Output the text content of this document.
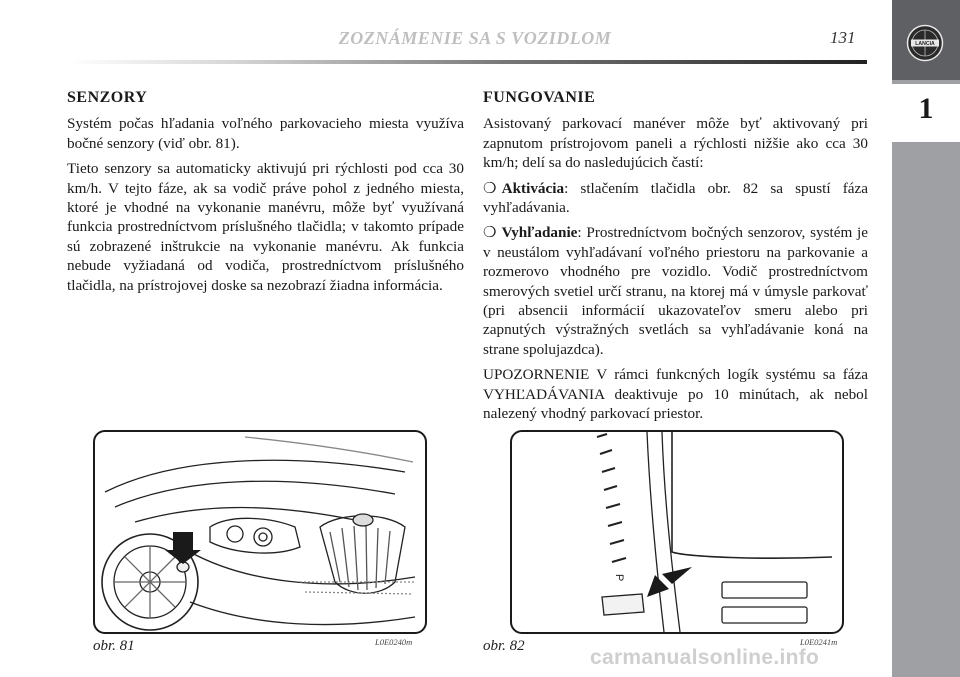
ZOZNÁMENIE SA S VOZIDLOM	131	LANCIA
1
SENZORY

Systém počas hľadania voľného parkovacieho miesta využíva bočné senzory (viď obr. 81).

Tieto senzory sa automaticky aktivujú pri rýchlosti pod cca 30 km/h. V tejto fáze, ak sa vodič práve pohol z jedného miesta, ktoré je vhodné na vykonanie manévru, môže byť využívaná funkcia prostredníctvom príslušného tlačidla; v takomto prípade sú zobrazené inštrukcie na vykonanie manévru. Ak funkcia nebude vyžiadaná od vodiča, prostredníctvom príslušného tlačidla, na prístrojovej doske sa nezobrazí žiadna informácia.

FUNGOVANIE

Asistovaný parkovací manéver môže byť aktivovaný pri zapnutom prístrojovom paneli a rýchlosti nižšie ako cca 30 km/h; delí sa do nasledujúcich častí:

❍ Aktivácia: stlačením tlačidla obr. 82 sa spustí fáza vyhľadávania.

❍ Vyhľadanie: Prostredníctvom bočných senzorov, systém je v neustálom vyhľadávaní voľného priestoru na parkovanie a rozmerovo vhodného pre vozidlo. Vodič prostredníctvom smerových svetiel určí stranu, na ktorej má v úmysle parkovať (pri absencii informácií ukazovateľov smeru alebo pri zapnutých výstražných svetlách sa vyhľadávanie koná na strane spolujazdca).

UPOZORNENIE V rámci funkcných logík systému sa fáza VYHĽADÁVANIA deaktivuje po 10 minútach, ak nebol nalezený vhodný parkovací priestor.

obr. 81	L0E0240m
P
obr. 82	L0E0241m
carmanualsonline.info
